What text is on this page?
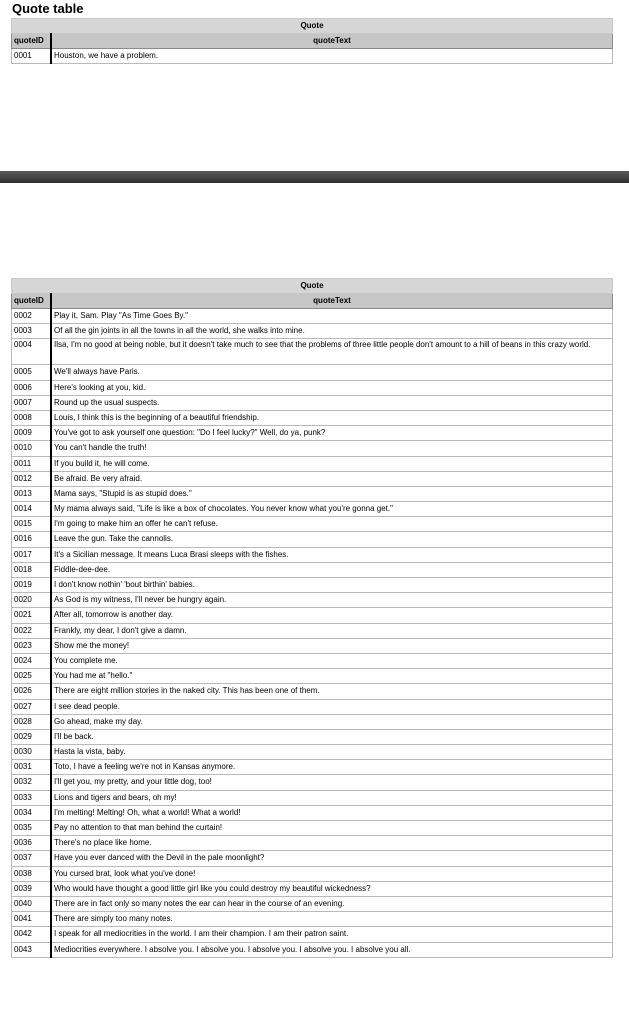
Quote table
Quote	
quoteID	quoteText
0001	Houston, we have a problem.
Quote	
quoteID	quoteText
0002	Play it, Sam. Play "As Time Goes By."
0003	Of all the gin joints in all the towns in all the world, she walks into mine.
0004	Ilsa, I'm no good at being noble, but it doesn't take much to see that the problems of three little people don't amount to a hill of beans in this crazy world.
0005	We'll always have Paris.
0006	Here's looking at you, kid.
0007	Round up the usual suspects.
0008	Louis, I think this is the beginning of a beautiful friendship.
0009	You've got to ask yourself one question: "Do I feel lucky?" Well, do ya, punk?
0010	You can't handle the truth!
0011	If you build it, he will come.
0012	Be afraid. Be very afraid.
0013	Mama says, "Stupid is as stupid does."
0014	My mama always said, "Life is like a box of chocolates. You never know what you're gonna get."
0015	I'm going to make him an offer he can't refuse.
0016	Leave the gun. Take the cannolis.
0017	It's a Sicilian message. It means Luca Brasi sleeps with the fishes.
0018	Fiddle-dee-dee.
0019	I don't know nothin' 'bout birthin' babies.
0020	As God is my witness, I'll never be hungry again.
0021	After all, tomorrow is another day.
0022	Frankly, my dear, I don't give a damn.
0023	Show me the money!
0024	You complete me.
0025	You had me at "hello."
0026	There are eight million stories in the naked city. This has been one of them.
0027	I see dead people.
0028	Go ahead, make my day.
0029	I'll be back.
0030	Hasta la vista, baby.
0031	Toto, I have a feeling we're not in Kansas anymore.
0032	I'll get you, my pretty, and your little dog, too!
0033	Lions and tigers and bears, oh my!
0034	I'm melting! Melting! Oh, what a world! What a world!
0035	Pay no attention to that man behind the curtain!
0036	There's no place like home.
0037	Have you ever danced with the Devil in the pale moonlight?
0038	You cursed brat, look what you've done!
0039	Who would have thought a good little girl like you could destroy my beautiful wickedness?
0040	There are in fact only so many notes the ear can hear in the course of an evening.
0041	There are simply too many notes.
0042	I speak for all mediocrities in the world. I am their champion. I am their patron saint.
0043	Mediocrities everywhere. I absolve you. I absolve you. I absolve you. I absolve you. I absolve you all.
